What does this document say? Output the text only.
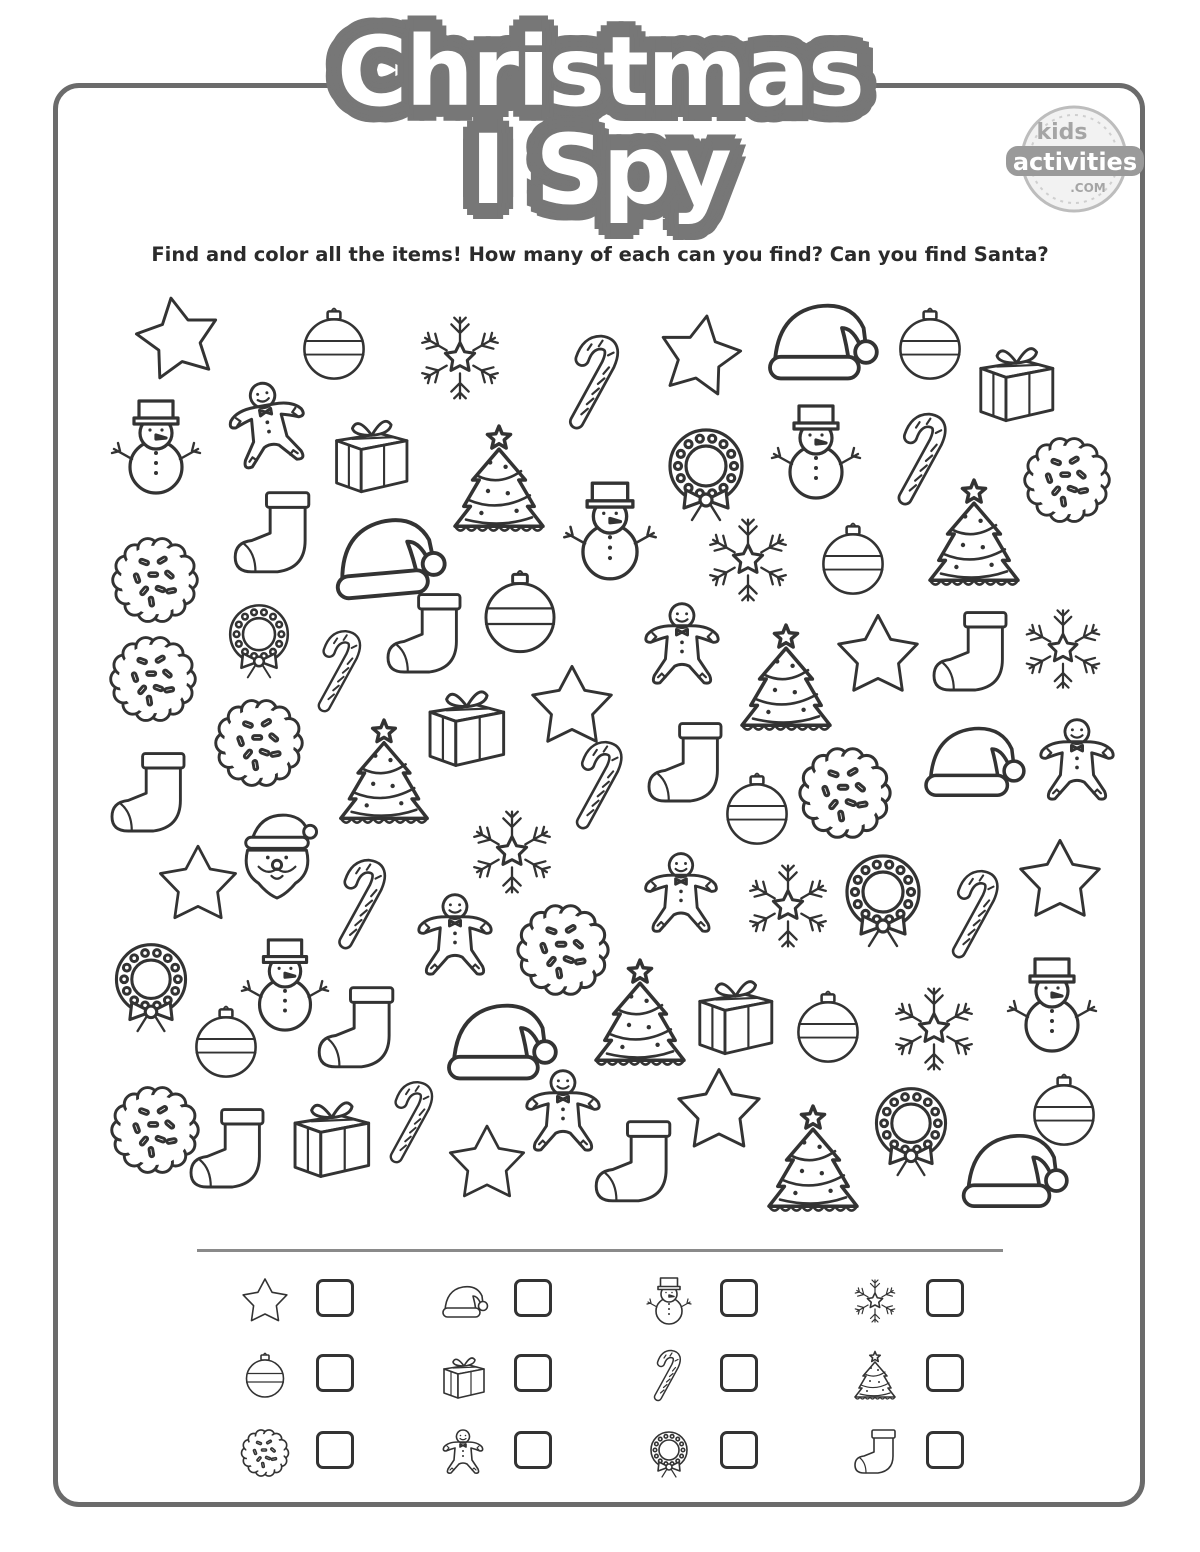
Christmas
I Spy	kids
activities
.COM
Find and color all the items! How many of each can you find? Can you find Santa?
